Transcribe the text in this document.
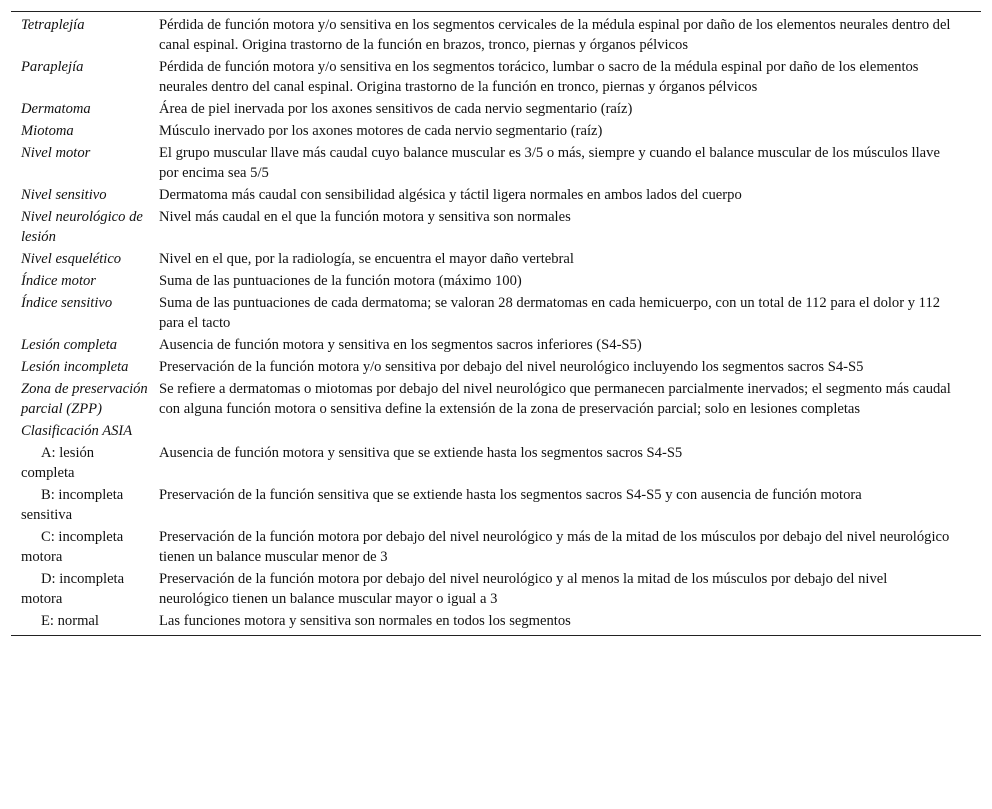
Tetraplejía	Pérdida de función motora y/o sensitiva en los segmentos cervicales de la médula espinal por daño de los elementos neurales dentro del canal espinal. Origina trastorno de la función en brazos, tronco, piernas y órganos pélvicos
Paraplejía	Pérdida de función motora y/o sensitiva en los segmentos torácico, lumbar o sacro de la médula espinal por daño de los elementos neurales dentro del canal espinal. Origina trastorno de la función en tronco, piernas y órganos pélvicos
Dermatoma	Área de piel inervada por los axones sensitivos de cada nervio segmentario (raíz)
Miotoma	Músculo inervado por los axones motores de cada nervio segmentario (raíz)
Nivel motor	El grupo muscular llave más caudal cuyo balance muscular es 3/5 o más, siempre y cuando el balance muscular de los músculos llave por encima sea 5/5
Nivel sensitivo	Dermatoma más caudal con sensibilidad algésica y táctil ligera normales en ambos lados del cuerpo
Nivel neurológico de lesión	Nivel más caudal en el que la función motora y sensitiva son normales
Nivel esquelético	Nivel en el que, por la radiología, se encuentra el mayor daño vertebral
Índice motor	Suma de las puntuaciones de la función motora (máximo 100)
Índice sensitivo	Suma de las puntuaciones de cada dermatoma; se valoran 28 dermatomas en cada hemicuerpo, con un total de 112 para el dolor y 112 para el tacto
Lesión completa	Ausencia de función motora y sensitiva en los segmentos sacros inferiores (S4-S5)
Lesión incompleta	Preservación de la función motora y/o sensitiva por debajo del nivel neurológico incluyendo los segmentos sacros S4-S5
Zona de preservación parcial (ZPP)	Se refiere a dermatomas o miotomas por debajo del nivel neurológico que permanecen parcialmente inervados; el segmento más caudal con alguna función motora o sensitiva define la extensión de la zona de preservación parcial; solo en lesiones completas
Clasificación ASIA	
A: lesión completa	Ausencia de función motora y sensitiva que se extiende hasta los segmentos sacros S4-S5
B: incompleta sensitiva	Preservación de la función sensitiva que se extiende hasta los segmentos sacros S4-S5 y con ausencia de función motora
C: incompleta motora	Preservación de la función motora por debajo del nivel neurológico y más de la mitad de los músculos por debajo del nivel neurológico tienen un balance muscular menor de 3
D: incompleta motora	Preservación de la función motora por debajo del nivel neurológico y al menos la mitad de los músculos por debajo del nivel neurológico tienen un balance muscular mayor o igual a 3
E: normal	Las funciones motora y sensitiva son normales en todos los segmentos
